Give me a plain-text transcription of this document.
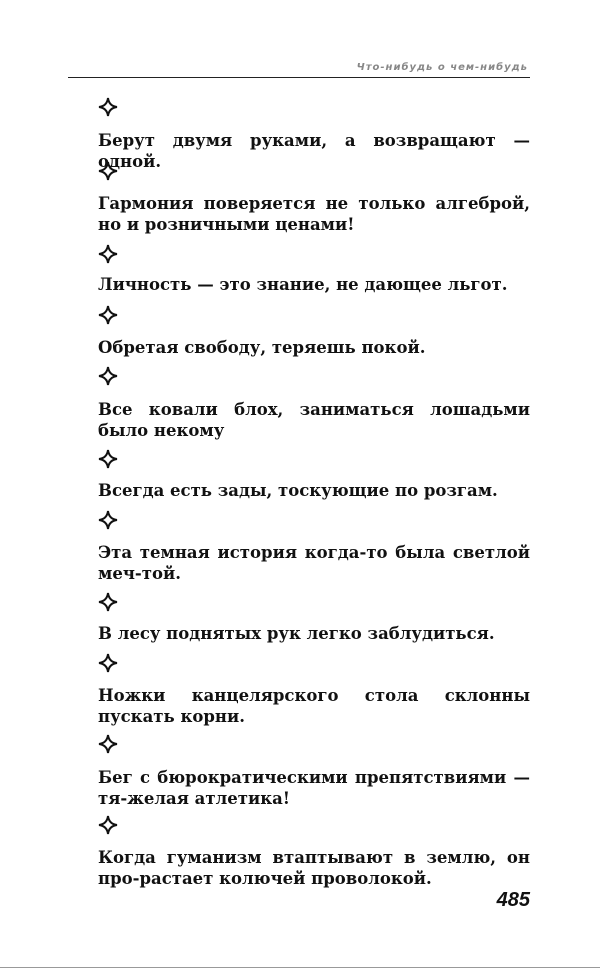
Что-нибудь о чем-нибудь

Берут двумя руками, а возвращают — одной.

Гармония поверяется не только алгеброй, но и розничными ценами!

Личность — это знание, не дающее льгот.

Обретая свободу, теряешь покой.

Все ковали блох, заниматься лошадьми было некому

Всегда есть зады, тоскующие по розгам.

Эта темная история когда-то была светлой меч-той.

В лесу поднятых рук легко заблудиться.

Ножки канцелярского стола склонны пускать корни.

Бег с бюрократическими препятствиями — тя-желая атлетика!

Когда гуманизм втаптывают в землю, он про-растает колючей проволокой.

485
